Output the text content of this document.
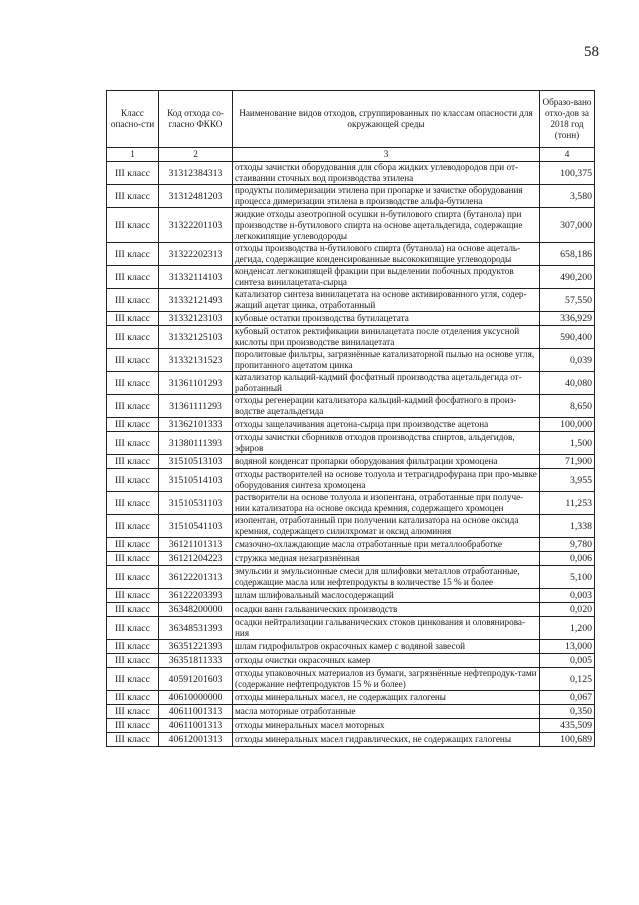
58
Класс опасно-сти	Код отхода со-гласно ФККО	Наименование видов отходов, сгруппированных по классам опасности для окружающей среды	Образо-вано отхо-дов за 2018 год (тонн)
1	2	3	4
III класс	31312384313	отходы зачистки оборудования для сбора жидких углеводородов при от-стаивании сточных вод производства этилена	100,375
III класс	31312481203	продукты полимеризации этилена при пропарке и зачистке оборудования процесса димеризации этилена в производстве альфа-бутилена	3,580
III класс	31322201103	жидкие отходы азеотропной осушки н-бутилового спирта (бутанола) при производстве н-бутилового спирта на основе ацетальдегида, содержащие легкокипящие углеводороды	307,000
III класс	31322202313	отходы производства н-бутилового спирта (бутанола) на основе ацеталь-дегида, содержащие конденсированные высококипящие углеводороды	658,186
III класс	31332114103	конденсат легкокипящей фракции при выделении побочных продуктов синтеза винилацетата-сырца	490,200
III класс	31332121493	катализатор синтеза винилацетата на основе активированного угля, содер-жащий ацетат цинка, отработанный	57,550
III класс	31332123103	кубовые остатки производства бутилацетата	336,929
III класс	31332125103	кубовый остаток ректификации винилацетата после отделения уксусной кислоты при производстве винилацетата	590,400
III класс	31332131523	поролитовые фильтры, загрязнённые катализаторной пылью на основе угля, пропитанного ацетатом цинка	0,039
III класс	31361101293	катализатор кальций-кадмий фосфатный производства ацетальдегида от-работанный	40,080
III класс	31361111293	отходы регенерации катализатора кальций-кадмий фосфатного в произ-водстве ацетальдегида	8,650
III класс	31362101333	отходы защелачивания ацетона-сырца при производстве ацетона	100,000
III класс	31380111393	отходы зачистки сборников отходов производства спиртов, альдегидов, эфиров	1,500
III класс	31510513103	водяной конденсат пропарки оборудования фильтрации хромоцена	71,900
III класс	31510514103	отходы растворителей на основе толуола и тетрагидрофурана при про-мывке оборудования синтеза хромоцена	3,955
III класс	31510531103	растворители на основе толуола и изопентана, отработанные при получе-нии катализатора на основе оксида кремния, содержащего хромоцен	11,253
III класс	31510541103	изопентан, отработанный при получении катализатора на основе оксида кремния, содержащего силилхромат и оксид алюминия	1,338
III класс	36121101313	смазочно-охлаждающие масла отработанные при металлообработке	9,780
III класс	36121204223	стружка медная незагрязнённая	0,006
III класс	36122201313	эмульсии и эмульсионные смеси для шлифовки металлов отработанные, содержащие масла или нефтепродукты в количестве 15 % и более	5,100
III класс	36122203393	шлам шлифовальный маслосодержащий	0,003
III класс	36348200000	осадки ванн гальванических производств	0,020
III класс	36348531393	осадки нейтрализации гальванических стоков цинкования и оловянирова-ния	1,200
III класс	36351221393	шлам гидрофильтров окрасочных камер с водяной завесой	13,000
III класс	36351811333	отходы очистки окрасочных камер	0,005
III класс	40591201603	отходы упаковочных материалов из бумаги, загрязнённые нефтепродук-тами (содержание нефтепродуктов 15 % и более)	0,125
III класс	40610000000	отходы минеральных масел, не содержащих галогены	0,067
III класс	40611001313	масла моторные отработанные	0,350
III класс	40611001313	отходы минеральных масел моторных	435,509
III класс	40612001313	отходы минеральных масел гидравлических, не содержащих галогены	100,689
